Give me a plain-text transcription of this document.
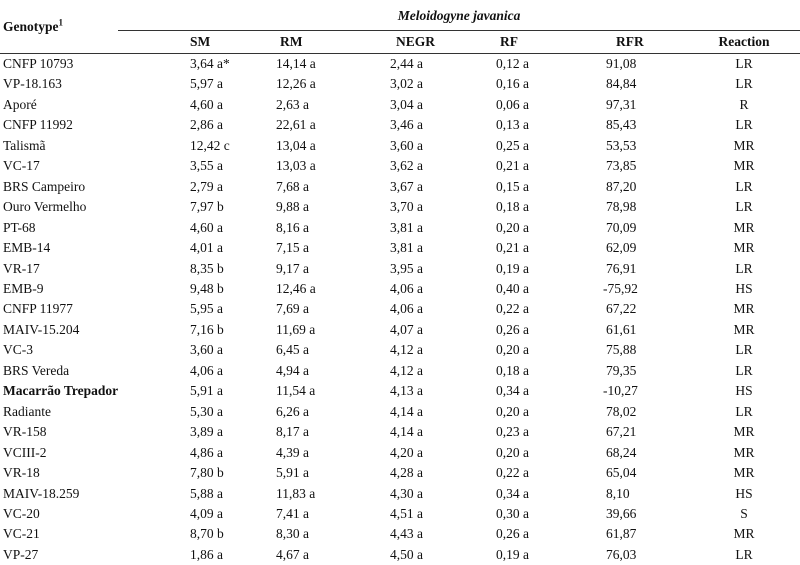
Genotype$^1$	Meloidogyne javanica					
	SM	RM	NEGR	RF	RFR	Reaction
CNFP 10793	3,64 a*	14,14 a	2,44 a	0,12 a	91,08	LR
VP-18.163	5,97 a	12,26 a	3,02 a	0,16 a	84,84	LR
Aporé	4,60 a	2,63 a	3,04 a	0,06 a	97,31	R
CNFP 11992	2,86 a	22,61 a	3,46 a	0,13 a	85,43	LR
Talismã	12,42 c	13,04 a	3,60 a	0,25 a	53,53	MR
VC-17	3,55 a	13,03 a	3,62 a	0,21 a	73,85	MR
BRS Campeiro	2,79 a	7,68 a	3,67 a	0,15 a	87,20	LR
Ouro Vermelho	7,97 b	9,88 a	3,70 a	0,18 a	78,98	LR
PT-68	4,60 a	8,16 a	3,81 a	0,20 a	70,09	MR
EMB-14	4,01 a	7,15 a	3,81 a	0,21 a	62,09	MR
VR-17	8,35 b	9,17 a	3,95 a	0,19 a	76,91	LR
EMB-9	9,48 b	12,46 a	4,06 a	0,40 a	-75,92	HS
CNFP 11977	5,95 a	7,69 a	4,06 a	0,22 a	67,22	MR
MAIV-15.204	7,16 b	11,69 a	4,07 a	0,26 a	61,61	MR
VC-3	3,60 a	6,45 a	4,12 a	0,20 a	75,88	LR
BRS Vereda	4,06 a	4,94 a	4,12 a	0,18 a	79,35	LR
Macarrão Trepador	5,91 a	11,54 a	4,13 a	0,34 a	-10,27	HS
Radiante	5,30 a	6,26 a	4,14 a	0,20 a	78,02	LR
VR-158	3,89 a	8,17 a	4,14 a	0,23 a	67,21	MR
VCIII-2	4,86 a	4,39 a	4,20 a	0,20 a	68,24	MR
VR-18	7,80 b	5,91 a	4,28 a	0,22 a	65,04	MR
MAIV-18.259	5,88 a	11,83 a	4,30 a	0,34 a	8,10	HS
VC-20	4,09 a	7,41 a	4,51 a	0,30 a	39,66	S
VC-21	8,70 b	8,30 a	4,43 a	0,26 a	61,87	MR
VP-27	1,86 a	4,67 a	4,50 a	0,19 a	76,03	LR
